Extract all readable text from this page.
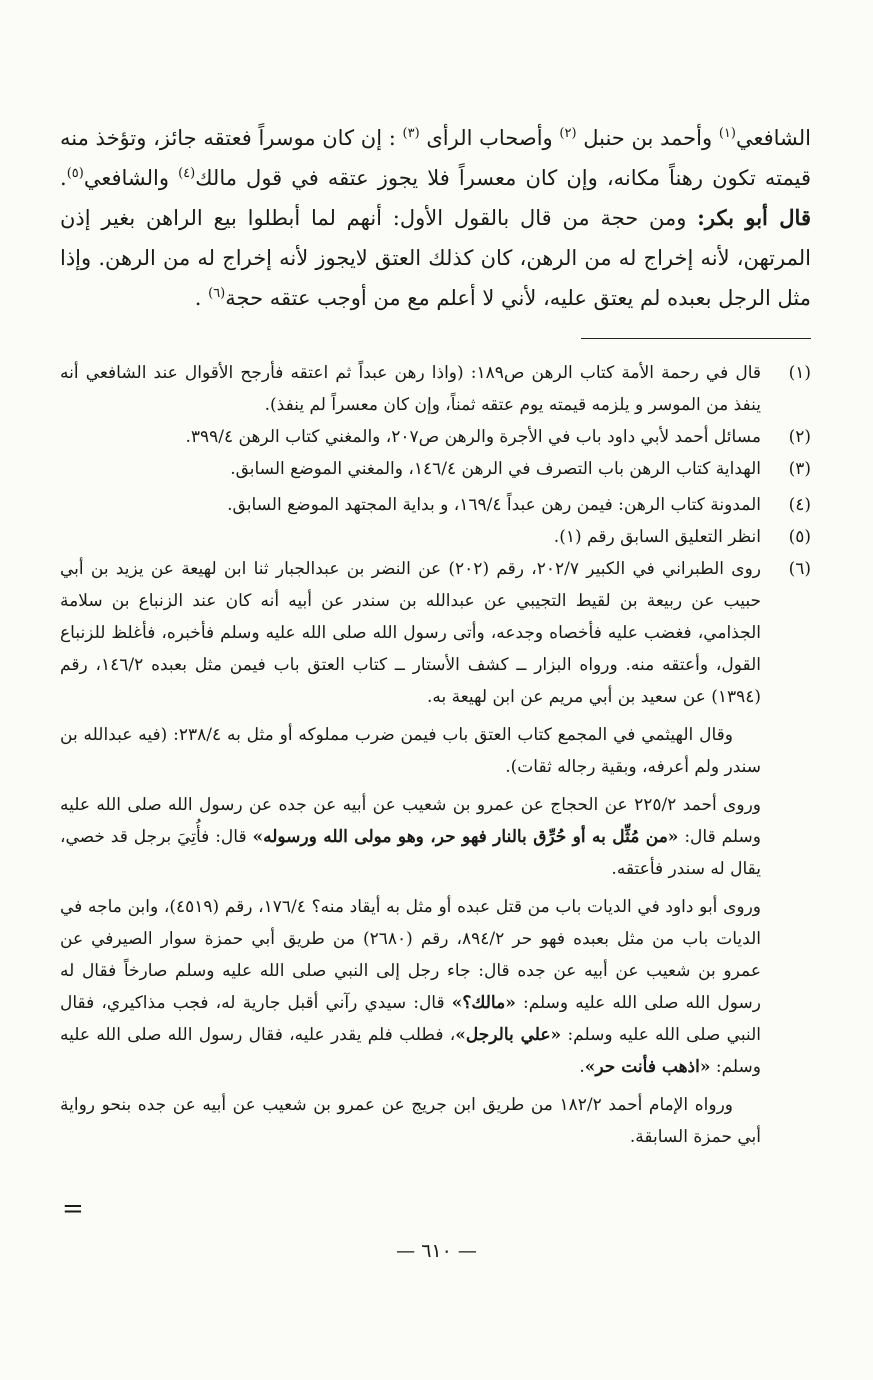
الشافعي$^{(١)}$ وأحمد بن حنبل $^{(٢)}$ وأصحاب الرأى $^{(٣)}$ : إن كان موسراً فعتقه جائز، وتؤخذ منه قيمته تكون رهناً مكانه، وإن كان معسراً فلا يجوز عتقه في قول مالك$^{(٤)}$ والشافعي$^{(٥)}$. قال أبو بكر: ومن حجة من قال بالقول الأول: أنهم لما أبطلوا بيع الراهن بغير إذن المرتهن، لأنه إخراج له من الرهن، كان كذلك العتق لايجوز لأنه إخراج له من الرهن. وإذا مثل الرجل بعبده لم يعتق عليه، لأني لا أعلم مع من أوجب عتقه حجة$^{(٦)}$ .

(١)
قال في رحمة الأمة كتاب الرهن ص١٨٩: (واذا رهن عبداً ثم اعتقه فأرجح الأقوال عند الشافعي أنه ينفذ من الموسر و يلزمه قيمته يوم عتقه ثمناً، وإن كان معسراً لم ينفذ).
(٢)
مسائل أحمد لأبي داود باب في الأجرة والرهن ص٢٠٧، والمغني كتاب الرهن ٣٩٩/٤.
(٣)
الهداية كتاب الرهن باب التصرف في الرهن ١٤٦/٤، والمغني الموضع السابق.
(٤)
المدونة كتاب الرهن: فيمن رهن عبداً ١٦٩/٤، و بداية المجتهد الموضع السابق.
(٥)
انظر التعليق السابق رقم (١).
(٦)
روى الطبراني في الكبير ٢٠٢/٧، رقم (٢٠٢) عن النضر بن عبدالجبار ثنا ابن لهيعة عن يزيد بن أبي حبيب عن ربيعة بن لقيط التجيبي عن عبدالله بن سندر عن أبيه أنه كان عند الزنباع بن سلامة الجذامي، فغضب عليه فأخصاه وجدعه، وأتى رسول الله صلى الله عليه وسلم فأخبره، فأغلظ للزنباع القول، وأعتقه منه. ورواه البزار ــ كشف الأستار ــ كتاب العتق باب فيمن مثل بعبده ١٤٦/٢، رقم (١٣٩٤) عن سعيد بن أبي مريم عن ابن لهيعة به.
وقال الهيثمي في المجمع كتاب العتق باب فيمن ضرب مملوكه أو مثل به ٢٣٨/٤: (فيه عبدالله بن سندر ولم أعرفه، وبقية رجاله ثقات).
وروى أحمد ٢٢٥/٢ عن الحجاج عن عمرو بن شعيب عن أبيه عن جده عن رسول الله صلى الله عليه وسلم قال: «من مُثِّل به أو حُرِّق بالنار فهو حر، وهو مولى الله ورسوله» قال: فأُتِيَ برجل قد خصي، يقال له سندر فأعتقه.
وروى أبو داود في الديات باب من قتل عبده أو مثل به أيقاد منه؟ ١٧٦/٤، رقم (٤٥١٩)، وابن ماجه في الديات باب من مثل بعبده فهو حر ٨٩٤/٢، رقم (٢٦٨٠) من طريق أبي حمزة سوار الصيرفي عن عمرو بن شعيب عن أبيه عن جده قال: جاء رجل إلى النبي صلى الله عليه وسلم صارخاً فقال له رسول الله صلى الله عليه وسلم: «مالك؟» قال: سيدي رآني أقبل جارية له، فجب مذاكيري، فقال النبي صلى الله عليه وسلم: «علي بالرجل»، فطلب فلم يقدر عليه، فقال رسول الله صلى الله عليه وسلم: «اذهب فأنت حر».
ورواه الإمام أحمد ١٨٢/٢ من طريق ابن جريج عن عمرو بن شعيب عن أبيه عن جده بنحو رواية أبي حمزة السابقة.
=
— ٦١٠ —
